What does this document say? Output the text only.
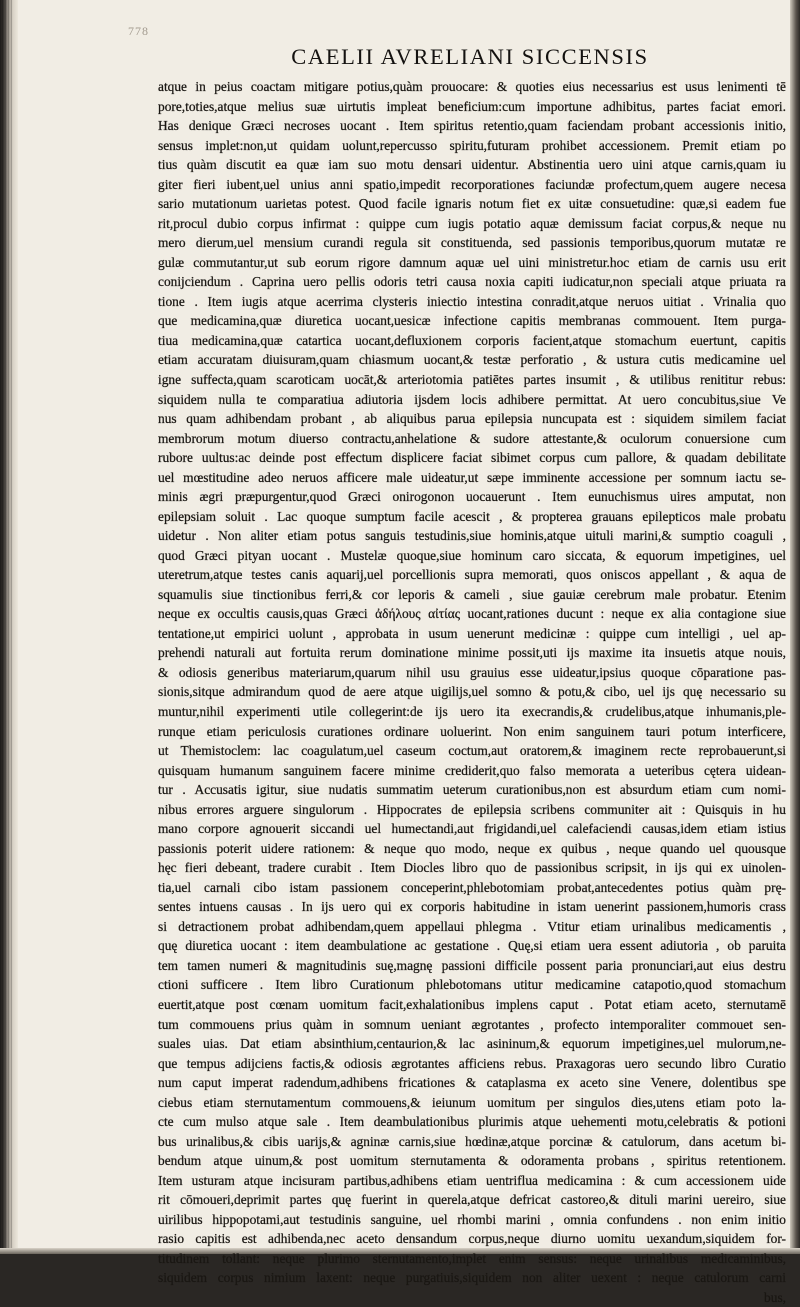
778
CAELII AVRELIANI SICCENSIS
atque in peius coactam mitigare potius,quàm prouocare: & quoties eius necessarius est usus lenimenti tē
pore,toties,atque melius suæ uirtutis impleat beneficium:cum importune adhibitus, partes faciat emori.
Has denique Græci necroses uocant . Item spiritus retentio,quam faciendam probant accessionis initio,
sensus implet:non,ut quidam uolunt,repercusso spiritu,futuram prohibet accessionem. Premit etiam po
tius quàm discutit ea quæ iam suo motu densari uidentur. Abstinentia uero uini atque carnis,quam iu
giter fieri iubent,uel unius anni spatio,impedit recorporationes faciundæ profectum,quem augere necesa
sario mutationum uarietas potest. Quod facile ignaris notum fiet ex uitæ consuetudine: quæ,si eadem fue
rit,procul dubio corpus infirmat : quippe cum iugis potatio aquæ demissum faciat corpus,& neque nu
mero dierum,uel mensium curandi regula sit constituenda, sed passionis temporibus,quorum mutatæ re
gulæ commutantur,ut sub eorum rigore damnum aquæ uel uini ministretur.hoc etiam de carnis usu erit
conijciendum . Caprina uero pellis odoris tetri causa noxia capiti iudicatur,non speciali atque priuata ra
tione . Item iugis atque acerrima clysteris iniectio intestina conradit,atque neruos uitiat . Vrinalia quo
que medicamina,quæ diuretica uocant,uesicæ infectione capitis membranas commouent. Item purga-
tiua medicamina,quæ catartica uocant,defluxionem corporis facient,atque stomachum euertunt, capitis
etiam accuratam diuisuram,quam chiasmum uocant,& testæ perforatio , & ustura cutis medicamine uel
igne suffecta,quam scaroticam uocāt,& arteriotomia patiētes partes insumit , & utilibus renititur rebus:
siquidem nulla te comparatiua adiutoria ijsdem locis adhibere permittat. At uero concubitus,siue Ve
nus quam adhibendam probant , ab aliquibus parua epilepsia nuncupata est : siquidem similem faciat
membrorum motum diuerso contractu,anhelatione & sudore attestante,& oculorum conuersione cum
rubore uultus:ac deinde post effectum displicere faciat sibimet corpus cum pallore, & quadam debilitate
uel mœstitudine adeo neruos afficere male uideatur,ut sæpe imminente accessione per somnum iactu se-
minis ægri præpurgentur,quod Græci onirogonon uocauerunt . Item eunuchismus uires amputat, non
epilepsiam soluit . Lac quoque sumptum facile acescit , & propterea grauans epilepticos male probatu
uidetur . Non aliter etiam potus sanguis testudinis,siue hominis,atque uituli marini,& sumptio coaguli ,
quod Græci pityan uocant . Mustelæ quoque,siue hominum caro siccata, & equorum impetigines, uel
uteretrum,atque testes canis aquarij,uel porcellionis supra memorati, quos oniscos appellant , & aqua de
squamulis siue tinctionibus ferri,& cor leporis & cameli , siue gauiæ cerebrum male probatur. Etenim
neque ex occultis causis,quas Græci ἀδήλους αἰτίας uocant,rationes ducunt : neque ex alia contagione siue
tentatione,ut empirici uolunt , approbata in usum uenerunt medicinæ : quippe cum intelligi , uel ap-
prehendi naturali aut fortuita rerum dominatione minime possit,uti ijs maxime ita insuetis atque nouis,
& odiosis generibus materiarum,quarum nihil usu grauius esse uideatur,ipsius quoque cōparatione pas-
sionis,sitque admirandum quod de aere atque uigilijs,uel somno & potu,& cibo, uel ijs quę necessario su
muntur,nihil experimenti utile collegerint:de ijs uero ita execrandis,& crudelibus,atque inhumanis,ple-
runque etiam periculosis curationes ordinare uoluerint. Non enim sanguinem tauri potum interficere,
ut Themistoclem: lac coagulatum,uel caseum coctum,aut oratorem,& imaginem recte reprobauerunt,si
quisquam humanum sanguinem facere minime crediderit,quo falso memorata a ueteribus cętera uidean-
tur . Accusatis igitur, siue nudatis summatim ueterum curationibus,non est absurdum etiam cum nomi-
nibus errores arguere singulorum . Hippocrates de epilepsia scribens communiter ait : Quisquis in hu
mano corpore agnouerit siccandi uel humectandi,aut frigidandi,uel calefaciendi causas,idem etiam istius
passionis poterit uidere rationem: & neque quo modo, neque ex quibus , neque quando uel quousque
hęc fieri debeant, tradere curabit . Item Diocles libro quo de passionibus scripsit, in ijs qui ex uinolen-
tia,uel carnali cibo istam passionem conceperint,phlebotomiam probat,antecedentes potius quàm prę-
sentes intuens causas . In ijs uero qui ex corporis habitudine in istam uenerint passionem,humoris crass
si detractionem probat adhibendam,quem appellaui phlegma . Vtitur etiam urinalibus medicamentis ,
quę diuretica uocant : item deambulatione ac gestatione . Quę,si etiam uera essent adiutoria , ob paruita
tem tamen numeri & magnitudinis suę,magnę passioni difficile possent paria pronunciari,aut eius destru
ctioni sufficere . Item libro Curationum phlebotomans utitur medicamine catapotio,quod stomachum
euertit,atque post cœnam uomitum facit,exhalationibus implens caput . Potat etiam aceto, sternutamē
tum commouens prius quàm in somnum ueniant ægrotantes , profecto intemporaliter commouet sen-
suales uias. Dat etiam absinthium,centaurion,& lac asininum,& equorum impetigines,uel mulorum,ne-
que tempus adijciens factis,& odiosis ægrotantes afficiens rebus. Praxagoras uero secundo libro Curatio
num caput imperat radendum,adhibens fricationes & cataplasma ex aceto sine Venere, dolentibus spe
ciebus etiam sternutamentum commouens,& ieiunum uomitum per singulos dies,utens etiam poto la-
cte cum mulso atque sale . Item deambulationibus plurimis atque uehementi motu,celebratis & potioni
bus urinalibus,& cibis uarijs,& agninæ carnis,siue hœdinæ,atque porcinæ & catulorum, dans acetum bi-
bendum atque uinum,& post uomitum sternutamenta & odoramenta probans , spiritus retentionem.
Item usturam atque incisuram partibus,adhibens etiam uentriflua medicamina : & cum accessionem uide
rit cōmoueri,deprimit partes quę fuerint in querela,atque defricat castoreo,& dituli marini uereiro, siue
uirilibus hippopotami,aut testudinis sanguine, uel rhombi marini , omnia confundens . non enim initio
rasio capitis est adhibenda,nec aceto densandum corpus,neque diurno uomitu uexandum,siquidem for-
titudinem tollant: neque plurimo sternutamento,implet enim sensus: neque urinalibus medicaminibus,
siquidem corpus nimium laxent: neque purgatiuis,siquidem non aliter uexent : neque catulorum carni
bus,
